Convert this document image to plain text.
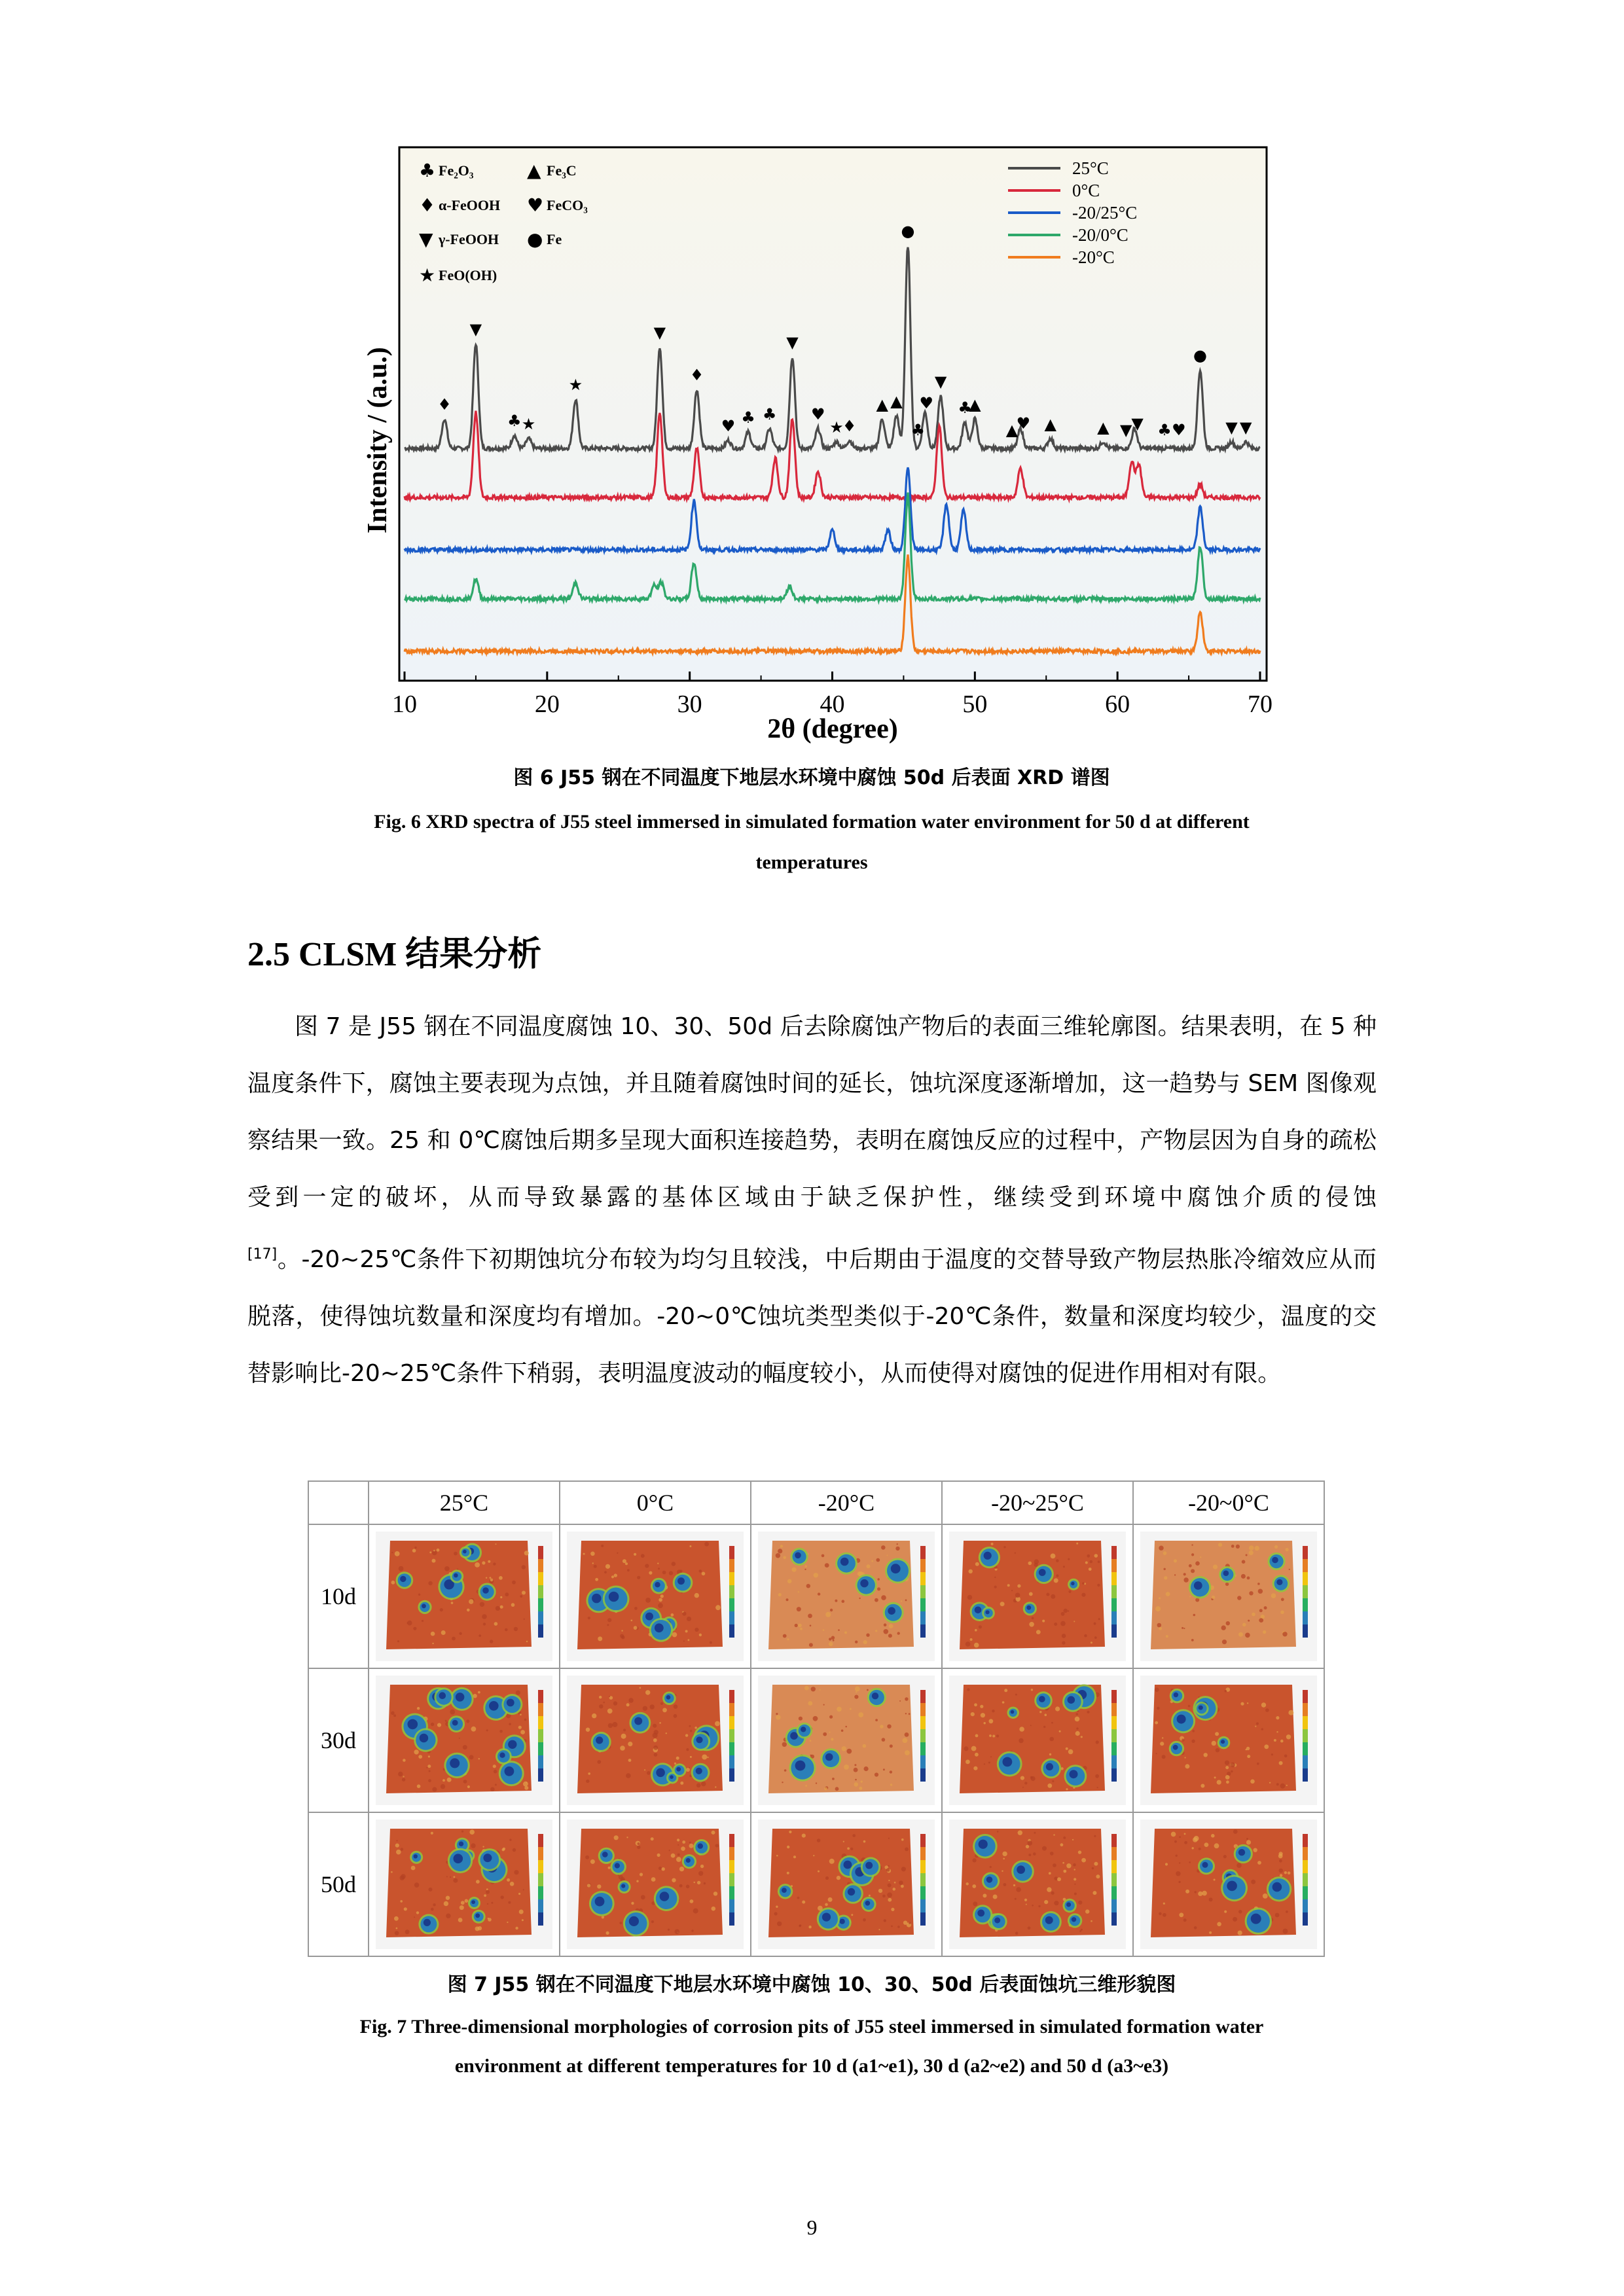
♦
▼
♣ ★
★
▼
♦
♥ ♣ ♣
▼
♥
★
♦
▲ ▲
●
♣
♥
▼
♣
▲
▲
♥ ▲	▲ ▼
▼ ♣ ♥
●
▼ ▼
10	20	30	40	50	60	70
25°C
0°C
-20/25°C
-20/0°C
-20°C
♣ Fe₂O₃	▲ Fe₃C
♦ α-FeOOH ♥ FeCO₃
▼ γ-FeOOH ● Fe
★ FeO(OH)
Intensity / (a.u.)
2θ (degree)
图 6 J55 钢在不同温度下地层水环境中腐蚀 50d 后表面 XRD 谱图
Fig. 6 XRD spectra of J55 steel immersed in simulated formation water environment for 50 d at different
temperatures
2.5 CLSM 结果分析
图 7 是 J55 钢在不同温度腐蚀 10、30、50d 后去除腐蚀产物后的表面三维轮廓图。结果表明，在 5 种温度条件下，腐蚀主要表现为点蚀，并且随着腐蚀时间的延长，蚀坑深度逐渐增加，这一趋势与 SEM 图像观察结果一致。25 和 0℃腐蚀后期多呈现大面积连接趋势，表明在腐蚀反应的过程中，产物层因为自身的疏松受到一定的破坏，从而导致暴露的基体区域由于缺乏保护性，继续受到环境中腐蚀介质的侵蚀[17]。-20~25℃条件下初期蚀坑分布较为均匀且较浅，中后期由于温度的交替导致产物层热胀冷缩效应从而脱落，使得蚀坑数量和深度均有增加。-20~0℃蚀坑类型类似于-20℃条件，数量和深度均较少，温度的交替影响比-20~25℃条件下稍弱，表明温度波动的幅度较小，从而使得对腐蚀的促进作用相对有限。
	25°C	0°C	-20°C	-20~25°C	-20~0°C
10d	

30d	

50d	

图 7 J55 钢在不同温度下地层水环境中腐蚀 10、30、50d 后表面蚀坑三维形貌图
Fig. 7 Three-dimensional morphologies of corrosion pits of J55 steel immersed in simulated formation water
environment at different temperatures for 10 d (a1~e1), 30 d (a2~e2) and 50 d (a3~e3)
9
